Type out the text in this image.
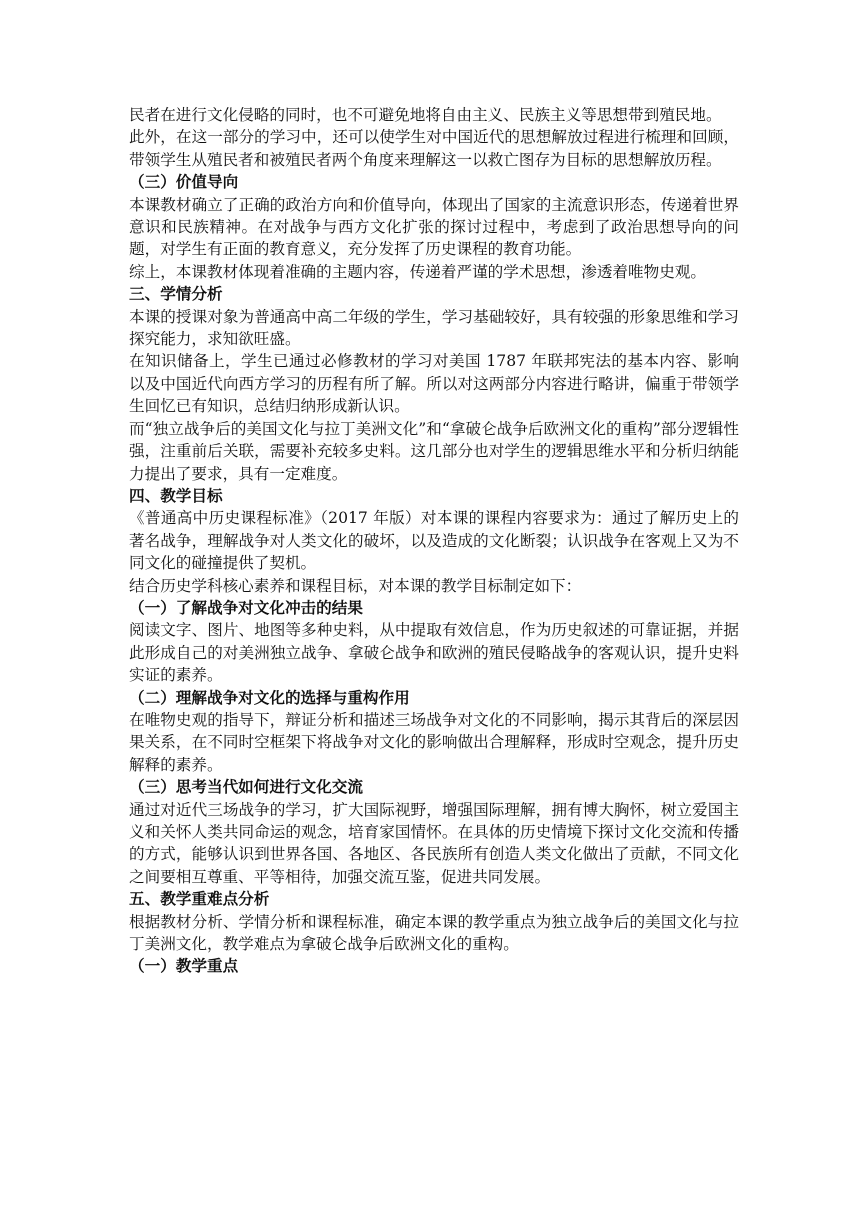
民者在进行文化侵略的同时，也不可避免地将自由主义、民族主义等思想带到殖民地。

此外，在这一部分的学习中，还可以使学生对中国近代的思想解放过程进行梳理和回顾，带领学生从殖民者和被殖民者两个角度来理解这一以救亡图存为目标的思想解放历程。

（三）价值导向

本课教材确立了正确的政治方向和价值导向，体现出了国家的主流意识形态，传递着世界意识和民族精神。在对战争与西方文化扩张的探讨过程中，考虑到了政治思想导向的问题，对学生有正面的教育意义，充分发挥了历史课程的教育功能。

综上，本课教材体现着准确的主题内容，传递着严谨的学术思想，渗透着唯物史观。

三、学情分析

本课的授课对象为普通高中高二年级的学生，学习基础较好，具有较强的形象思维和学习探究能力，求知欲旺盛。

在知识储备上，学生已通过必修教材的学习对美国 1787 年联邦宪法的基本内容、影响以及中国近代向西方学习的历程有所了解。所以对这两部分内容进行略讲，偏重于带领学生回忆已有知识，总结归纳形成新认识。

而“独立战争后的美国文化与拉丁美洲文化”和“拿破仑战争后欧洲文化的重构”部分逻辑性强，注重前后关联，需要补充较多史料。这几部分也对学生的逻辑思维水平和分析归纳能力提出了要求，具有一定难度。

四、教学目标

《普通高中历史课程标准》（2017 年版）对本课的课程内容要求为：通过了解历史上的著名战争，理解战争对人类文化的破坏，以及造成的文化断裂；认识战争在客观上又为不同文化的碰撞提供了契机。

结合历史学科核心素养和课程目标，对本课的教学目标制定如下：

（一）了解战争对文化冲击的结果

阅读文字、图片、地图等多种史料，从中提取有效信息，作为历史叙述的可靠证据，并据此形成自己的对美洲独立战争、拿破仑战争和欧洲的殖民侵略战争的客观认识，提升史料实证的素养。

（二）理解战争对文化的选择与重构作用

在唯物史观的指导下，辩证分析和描述三场战争对文化的不同影响，揭示其背后的深层因果关系，在不同时空框架下将战争对文化的影响做出合理解释，形成时空观念，提升历史解释的素养。

（三）思考当代如何进行文化交流

通过对近代三场战争的学习，扩大国际视野，增强国际理解，拥有博大胸怀，树立爱国主义和关怀人类共同命运的观念，培育家国情怀。在具体的历史情境下探讨文化交流和传播的方式，能够认识到世界各国、各地区、各民族所有创造人类文化做出了贡献，不同文化之间要相互尊重、平等相待，加强交流互鉴，促进共同发展。

五、教学重难点分析

根据教材分析、学情分析和课程标准，确定本课的教学重点为独立战争后的美国文化与拉丁美洲文化，教学难点为拿破仑战争后欧洲文化的重构。

（一）教学重点
